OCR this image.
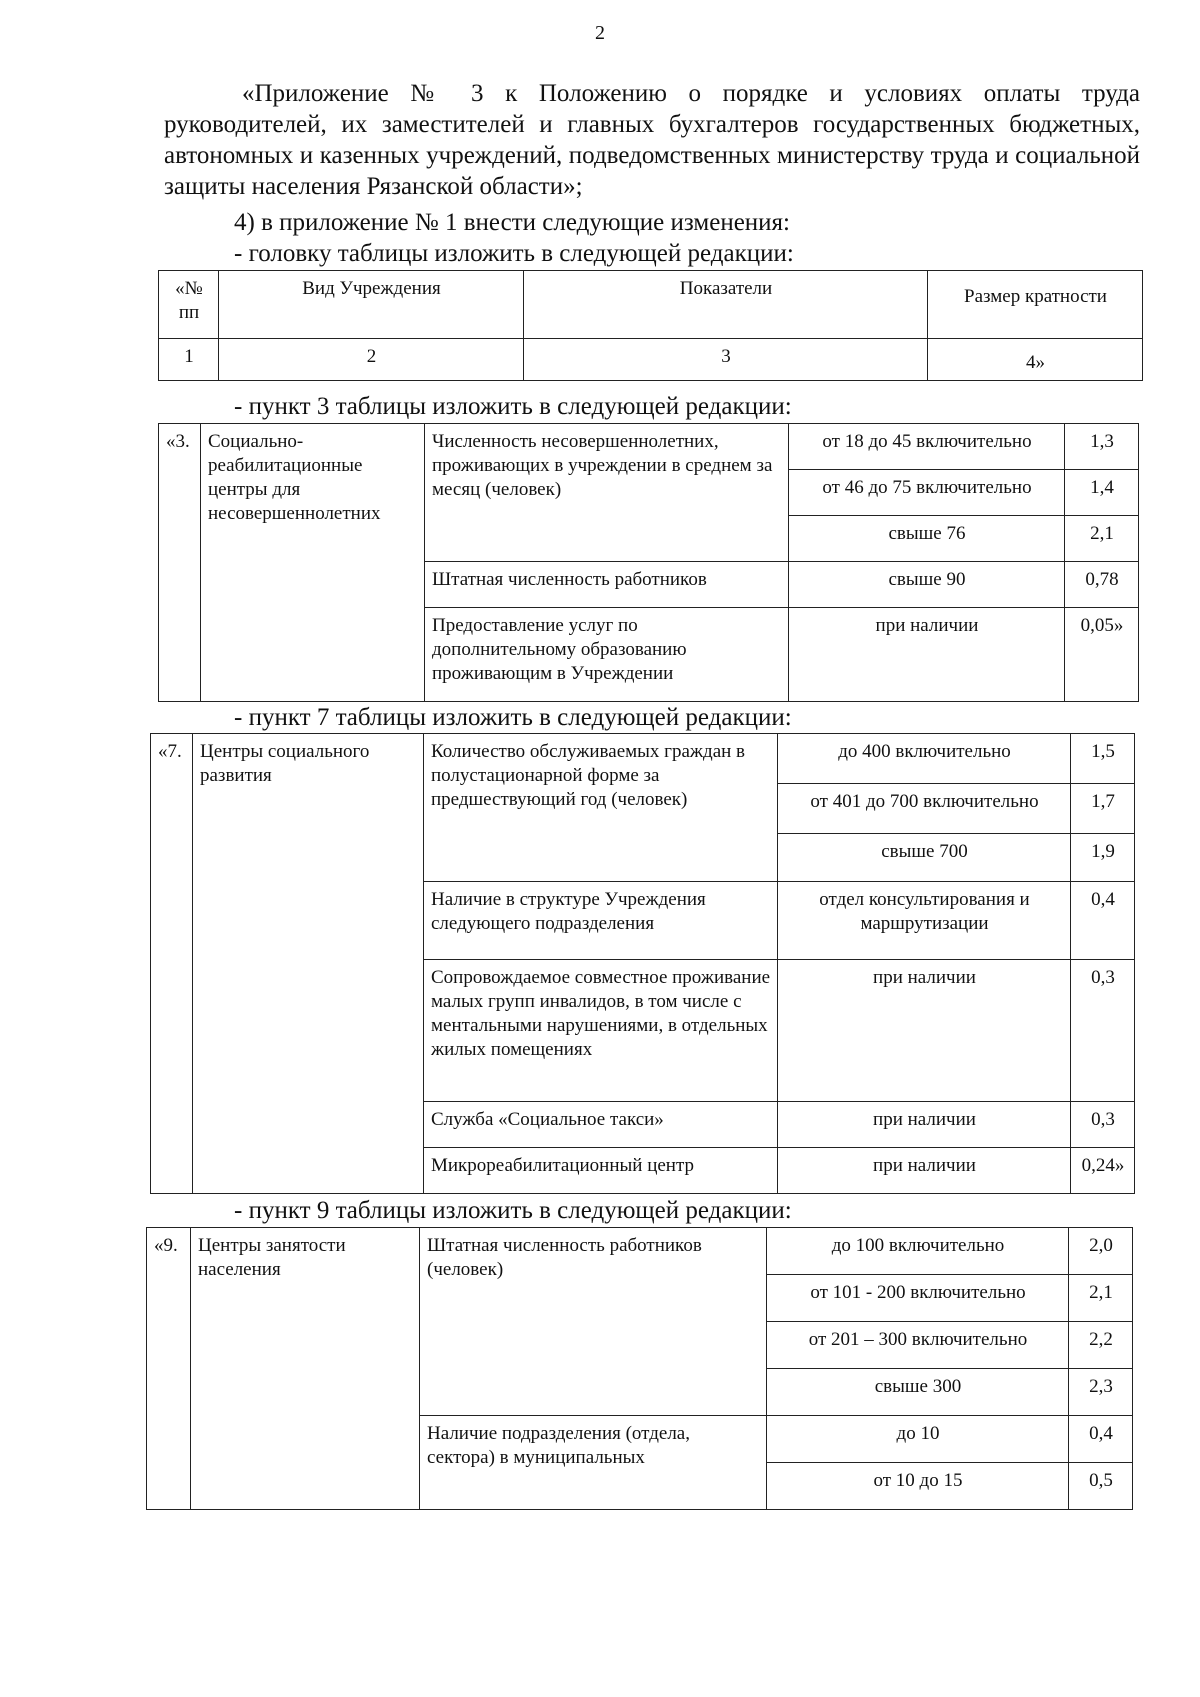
2

«Приложение № 3 к Положению о порядке и условиях оплаты труда руководителей, их заместителей и главных бухгалтеров государственных бюджетных, автономных и казенных учреждений, подведомственных министерству труда и социальной защиты населения Рязанской области»;

4) в приложение № 1 внести следующие изменения:
- головку таблицы изложить в следующей редакции:
«№ пп	Вид Учреждения	Показатели	Размер кратности
1	2	3	4»
- пункт 3 таблицы изложить в следующей редакции:
«3.	Социально-реабилитационные центры для несовершеннолетних	Численность несовершеннолетних, проживающих в учреждении в среднем за месяц (человек)	от 18 до 45 включительно	1,3
			от 46 до 75 включительно	1,4
			свыше 76	2,1
		Штатная численность работников	свыше 90	0,78
		Предоставление услуг по дополнительному образованию проживающим в Учреждении	при наличии	0,05»
- пункт 7 таблицы изложить в следующей редакции:
«7.	Центры социального развития	Количество обслуживаемых граждан в полустационарной форме за предшествующий год (человек)	до 400 включительно	1,5
			от 401 до 700 включительно	1,7
			свыше 700	1,9
		Наличие в структуре Учреждения следующего подразделения	отдел консультирования и маршрутизации	0,4
		Сопровождаемое совместное проживание малых групп инвалидов, в том числе с ментальными нарушениями, в отдельных жилых помещениях	при наличии	0,3
		Служба «Социальное такси»	при наличии	0,3
		Микрореабилитационный центр	при наличии	0,24»
- пункт 9 таблицы изложить в следующей редакции:
«9.	Центры занятости населения	Штатная численность работников (человек)	до 100 включительно	2,0
			от 101 - 200 включительно	2,1
			от 201 – 300 включительно	2,2
			свыше 300	2,3
		Наличие подразделения (отдела, сектора) в муниципальных	до 10	0,4
			от 10 до 15	0,5
